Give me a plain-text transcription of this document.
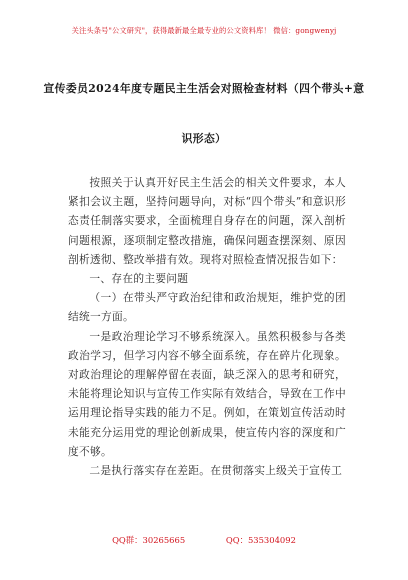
关注头条号"公文研究"，获得最新最全最专业的公文资料库！ 微信：gongwenyj
宣传委员2024年度专题民主生活会对照检查材料（四个带头+意识形态）

按照关于认真开好民主生活会的相关文件要求，本人紧扣会议主题，坚持问题导向，对标“四个带头”和意识形态责任制落实要求，全面梳理自身存在的问题，深入剖析问题根源，逐项制定整改措施，确保问题查摆深刻、原因剖析透彻、整改举措有效。现将对照检查情况报告如下：

一、存在的主要问题

（一）在带头严守政治纪律和政治规矩，维护党的团结统一方面。

一是政治理论学习不够系统深入。虽然积极参与各类政治学习，但学习内容不够全面系统，存在碎片化现象。对政治理论的理解停留在表面，缺乏深入的思考和研究，未能将理论知识与宣传工作实际有效结合，导致在工作中运用理论指导实践的能力不足。例如，在策划宣传活动时未能充分运用党的理论创新成果，使宣传内容的深度和广度不够。

二是执行落实存在差距。在贯彻落实上级关于宣传工

QQ群：30265665	QQ：535304092
